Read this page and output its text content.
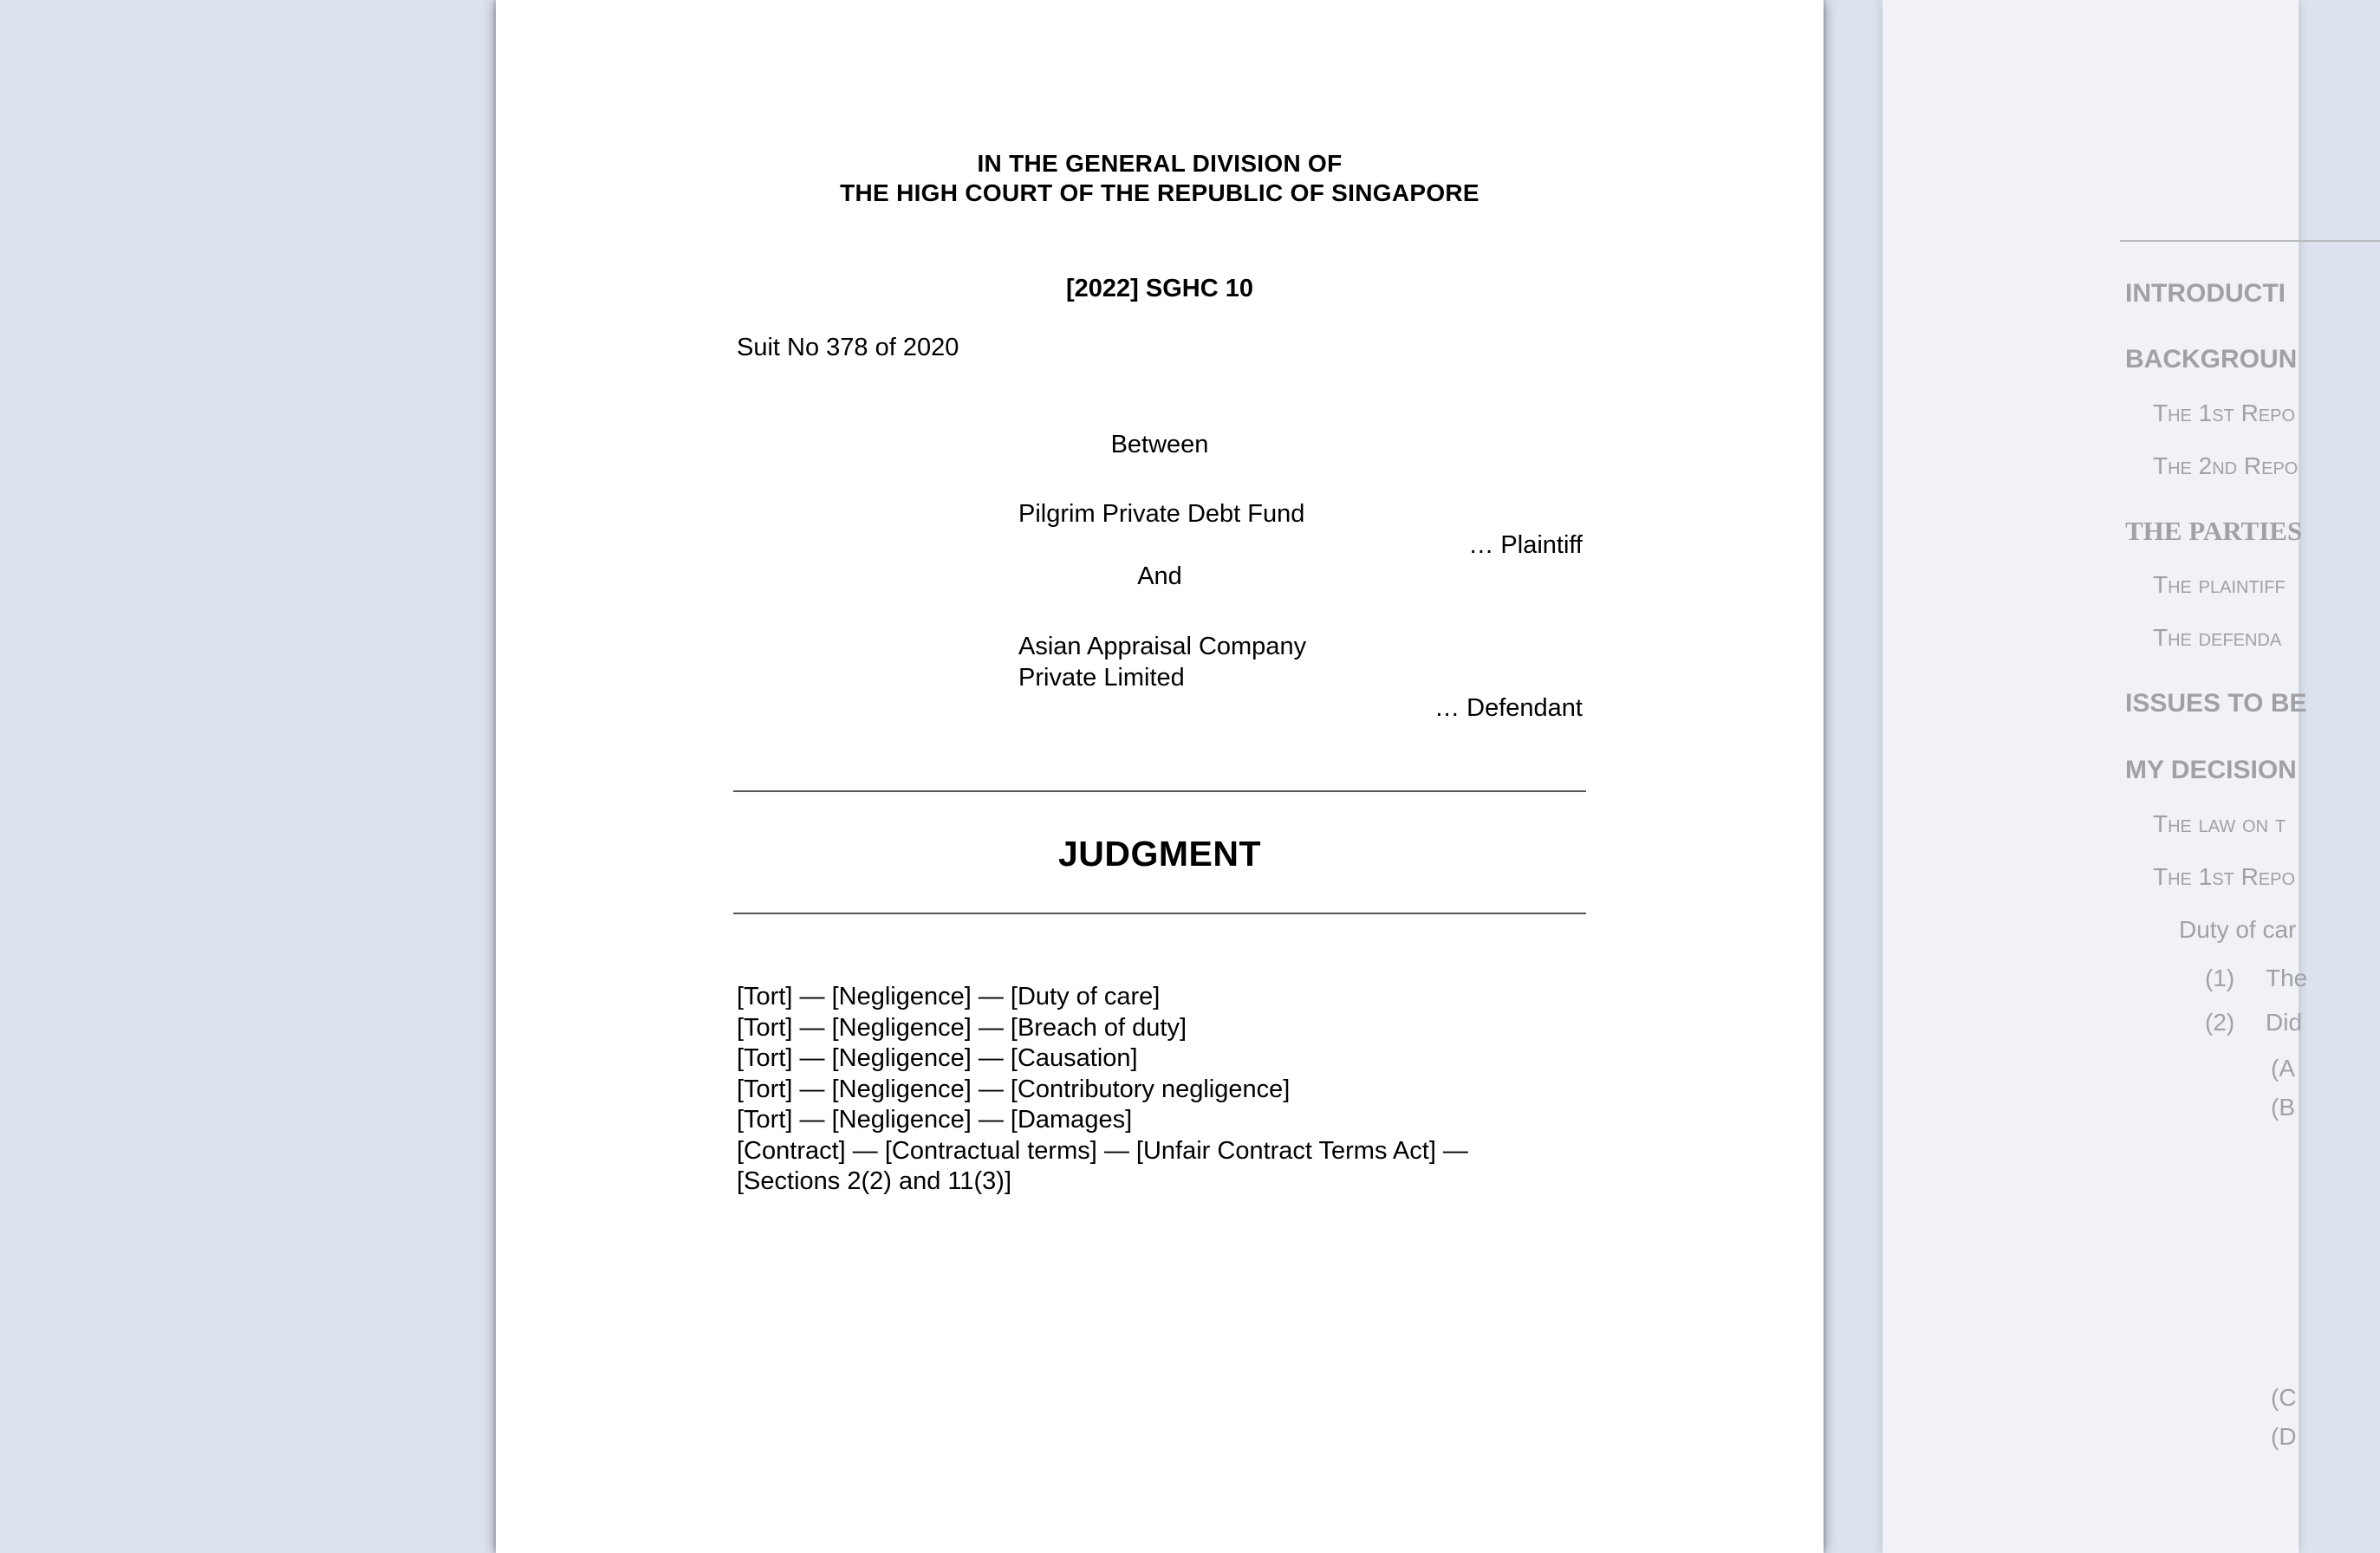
IN THE GENERAL DIVISION OF
THE HIGH COURT OF THE REPUBLIC OF SINGAPORE
[2022] SGHC 10
Suit No 378 of 2020
Between
Pilgrim Private Debt Fund
… Plaintiff
And
Asian Appraisal Company
Private Limited
… Defendant
JUDGMENT
[Tort] — [Negligence] — [Duty of care]
[Tort] — [Negligence] — [Breach of duty]
[Tort] — [Negligence] — [Causation]
[Tort] — [Negligence] — [Contributory negligence]
[Tort] — [Negligence] — [Damages]
[Contract] — [Contractual terms] — [Unfair Contract Terms Act] —
[Sections 2(2) and 11(3)]
INTRODUCTI
BACKGROUN
The 1st Repo
The 2nd Repo
THE PARTIES
The plaintiff
The defenda
ISSUES TO BE
MY DECISION
The law on t
The 1st Repo
Duty of car
(1) The
(2) Did
(A
(B
(C
(D
